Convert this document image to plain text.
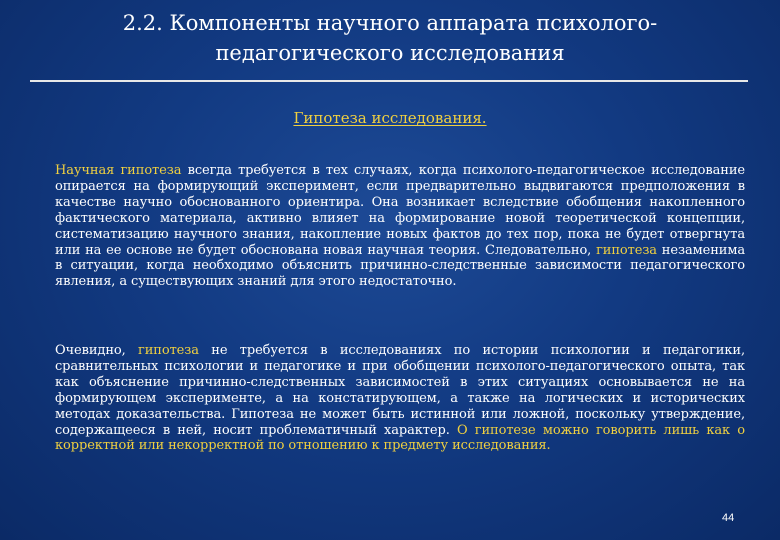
2.2. Компоненты научного аппарата психолого-педагогического исследования
Гипотеза исследования.
Научная гипотеза всегда требуется в тех случаях, когда психолого-педагогическое исследование опирается на формирующий эксперимент, если предварительно выдвигаются предположения в качестве научно обоснованного ориентира. Она возникает вследствие обобщения накопленного фактического материала, активно влияет на формирование новой теоретической концепции, систематизацию научного знания, накопление новых фактов до тех пор, пока не будет отвергнута или на ее основе не будет обоснована новая научная теория. Следовательно, гипотеза незаменима в ситуации, когда необходимо объяснить причинно-следственные зависимости педагогического явления, а существующих знаний для этого недостаточно.
Очевидно, гипотеза не требуется в исследованиях по истории психологии и педагогики, сравнительных психологии и педагогике и при обобщении психолого-педагогического опыта, так как объяснение причинно-следственных зависимостей в этих ситуациях основывается не на формирующем эксперименте, а на констатирующем, а также на логических и исторических методах доказательства. Гипотеза не может быть истинной или ложной, поскольку утверждение, содержащееся в ней, носит проблематичный характер. О гипотезе можно говорить лишь как о корректной или некорректной по отношению к предмету исследования.
44
